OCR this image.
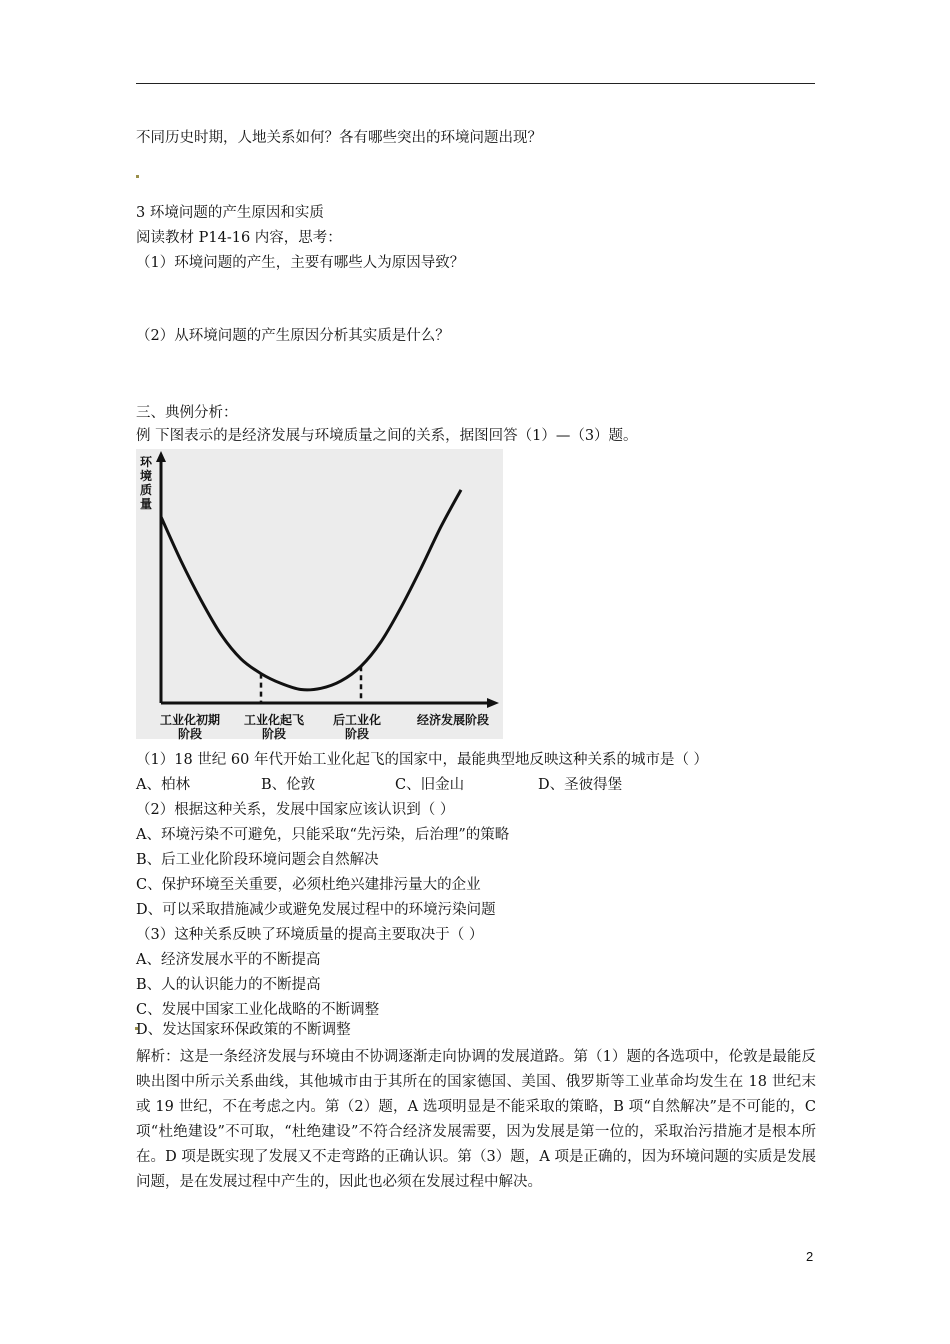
不同历史时期，人地关系如何？各有哪些突出的环境问题出现？
3 环境问题的产生原因和实质
阅读教材 P14-16 内容，思考：
（1）环境问题的产生，主要有哪些人为原因导致？
（2）从环境问题的产生原因分析其实质是什么？
三、典例分析：
例 下图表示的是经济发展与环境质量之间的关系，据图回答（1）—（3）题。
环境质量
工业化初期
阶段
工业化起飞
阶段
后工业化
阶段
经济发展阶段
（1）18 世纪 60 年代开始工业化起飞的国家中，最能典型地反映这种关系的城市是（ ）
A、柏林	B、伦敦	C、旧金山	D、圣彼得堡
（2）根据这种关系，发展中国家应该认识到（ ）
A、环境污染不可避免，只能采取“先污染，后治理”的策略
B、后工业化阶段环境问题会自然解决
C、保护环境至关重要，必须杜绝兴建排污量大的企业
D、可以采取措施减少或避免发展过程中的环境污染问题
（3）这种关系反映了环境质量的提高主要取决于（ ）
A、经济发展水平的不断提高
B、人的认识能力的不断提高
C、发展中国家工业化战略的不断调整
D、发达国家环保政策的不断调整
解析：这是一条经济发展与环境由不协调逐渐走向协调的发展道路。第（1）题的各选项中，伦敦是最能反映出图中所示关系曲线，其他城市由于其所在的国家德国、美国、俄罗斯等工业革命均发生在 18 世纪末或 19 世纪，不在考虑之内。第（2）题，A 选项明显是不能采取的策略，B 项“自然解决”是不可能的，C 项“杜绝建设”不可取，“杜绝建设”不符合经济发展需要，因为发展是第一位的，采取治污措施才是根本所在。D 项是既实现了发展又不走弯路的正确认识。第（3）题，A 项是正确的，因为环境问题的实质是发展问题，是在发展过程中产生的，因此也必须在发展过程中解决。
2
